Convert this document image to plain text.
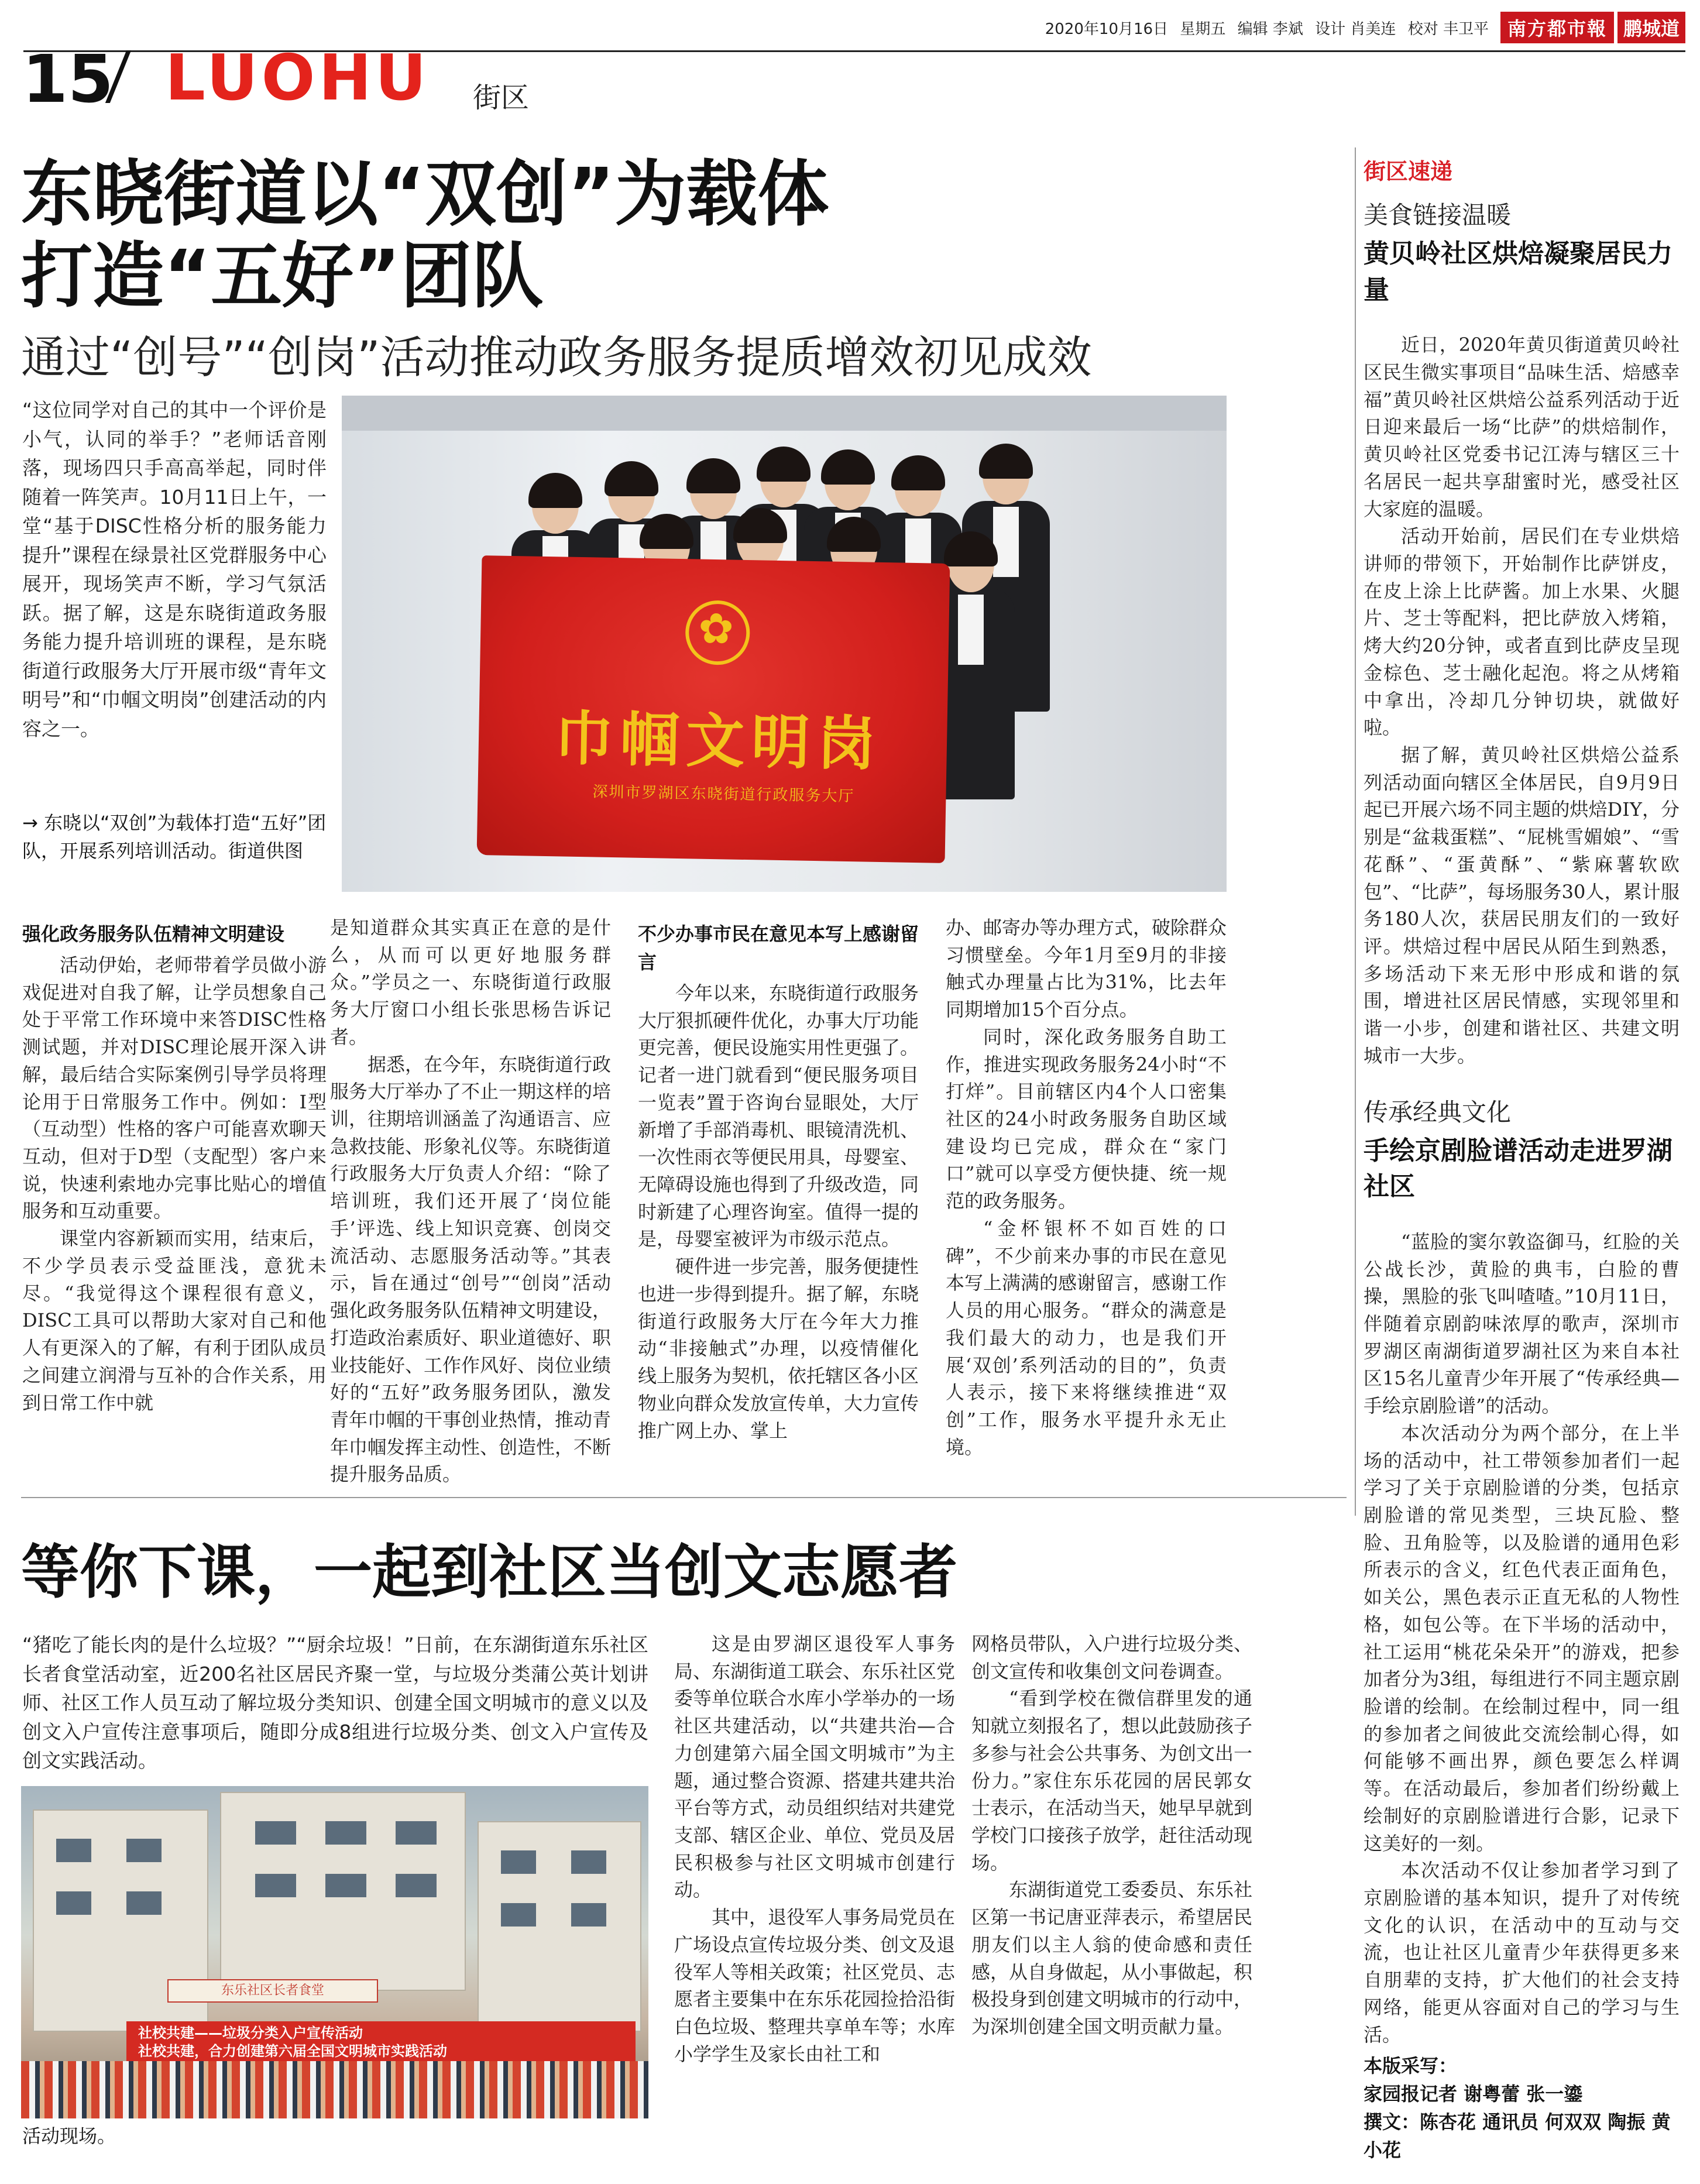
2020年10月16日 星期五 编辑 李斌 设计 肖美连 校对 丰卫平	南方都市報 鹏城道
15 LUOHU 街区
东晓街道以“双创”为载体
打造“五好”团队
通过“创号”“创岗”活动推动政务服务提质增效初见成效

“这位同学对自己的其中一个评价是小气，认同的举手？”老师话音刚落，现场四只手高高举起，同时伴随着一阵笑声。10月11日上午，一堂“基于DISC性格分析的服务能力提升”课程在绿景社区党群服务中心展开，现场笑声不断，学习气氛活跃。据了解，这是东晓街道政务服务能力提升培训班的课程，是东晓街道行政服务大厅开展市级“青年文明号”和“巾帼文明岗”创建活动的内容之一。

→ 东晓以“双创”为载体打造“五好”团队，开展系列培训活动。街道供图
✿
巾帼文明岗
深圳市罗湖区东晓街道行政服务大厅
强化政务服务队伍精神文明建设

活动伊始，老师带着学员做小游戏促进对自我了解，让学员想象自己处于平常工作环境中来答DISC性格测试题，并对DISC理论展开深入讲解，最后结合实际案例引导学员将理论用于日常服务工作中。例如：I型（互动型）性格的客户可能喜欢聊天互动，但对于D型（支配型）客户来说，快速利索地办完事比贴心的增值服务和互动重要。

课堂内容新颖而实用，结束后，不少学员表示受益匪浅，意犹未尽。“我觉得这个课程很有意义，DISC工具可以帮助大家对自己和他人有更深入的了解，有利于团队成员之间建立润滑与互补的合作关系，用到日常工作中就

是知道群众其实真正在意的是什么，从而可以更好地服务群众。”学员之一、东晓街道行政服务大厅窗口小组长张思杨告诉记者。

据悉，在今年，东晓街道行政服务大厅举办了不止一期这样的培训，往期培训涵盖了沟通语言、应急救技能、形象礼仪等。东晓街道行政服务大厅负责人介绍：“除了培训班，我们还开展了‘岗位能手’评选、线上知识竞赛、创岗交流活动、志愿服务活动等。”其表示，旨在通过“创号”“创岗”活动强化政务服务队伍精神文明建设，打造政治素质好、职业道德好、职业技能好、工作作风好、岗位业绩好的“五好”政务服务团队，激发青年巾帼的干事创业热情，推动青年巾帼发挥主动性、创造性，不断提升服务品质。

不少办事市民在意见本写上感谢留言

今年以来，东晓街道行政服务大厅狠抓硬件优化，办事大厅功能更完善，便民设施实用性更强了。记者一进门就看到“便民服务项目一览表”置于咨询台显眼处，大厅新增了手部消毒机、眼镜清洗机、一次性雨衣等便民用具，母婴室、无障碍设施也得到了升级改造，同时新建了心理咨询室。值得一提的是，母婴室被评为市级示范点。

硬件进一步完善，服务便捷性也进一步得到提升。据了解，东晓街道行政服务大厅在今年大力推动“非接触式”办理，以疫情催化线上服务为契机，依托辖区各小区物业向群众发放宣传单，大力宣传推广网上办、掌上

办、邮寄办等办理方式，破除群众习惯壁垒。今年1月至9月的非接触式办理量占比为31%，比去年同期增加15个百分点。

同时，深化政务服务自助工作，推进实现政务服务24小时“不打烊”。目前辖区内4个人口密集社区的24小时政务服务自助区域建设均已完成，群众在“家门口”就可以享受方便快捷、统一规范的政务服务。

“金杯银杯不如百姓的口碑”，不少前来办事的市民在意见本写上满满的感谢留言，感谢工作人员的用心服务。“群众的满意是我们最大的动力，也是我们开展‘双创’系列活动的目的”，负责人表示，接下来将继续推进“双创”工作，服务水平提升永无止境。

街区速递
美食链接温暖
黄贝岭社区烘焙凝聚居民力量

近日，2020年黄贝街道黄贝岭社区民生微实事项目“品味生活、焙感幸福”黄贝岭社区烘焙公益系列活动于近日迎来最后一场“比萨”的烘焙制作，黄贝岭社区党委书记江涛与辖区三十名居民一起共享甜蜜时光，感受社区大家庭的温暖。

活动开始前，居民们在专业烘焙讲师的带领下，开始制作比萨饼皮，在皮上涂上比萨酱。加上水果、火腿片、芝士等配料，把比萨放入烤箱，烤大约20分钟，或者直到比萨皮呈现金棕色、芝士融化起泡。将之从烤箱中拿出，冷却几分钟切块，就做好啦。

据了解，黄贝岭社区烘焙公益系列活动面向辖区全体居民，自9月9日起已开展六场不同主题的烘焙DIY，分别是“盆栽蛋糕”、“屁桃雪媚娘”、“雪花酥”、“蛋黄酥”、“紫麻薯软欧包”、“比萨”，每场服务30人，累计服务180人次，获居民朋友们的一致好评。烘焙过程中居民从陌生到熟悉，多场活动下来无形中形成和谐的氛围，增进社区居民情感，实现邻里和谐一小步，创建和谐社区、共建文明城市一大步。

传承经典文化
手绘京剧脸谱活动走进罗湖社区

“蓝脸的窦尔敦盗御马，红脸的关公战长沙，黄脸的典韦，白脸的曹操，黑脸的张飞叫喳喳。”10月11日，伴随着京剧韵味浓厚的歌声，深圳市罗湖区南湖街道罗湖社区为来自本社区15名儿童青少年开展了“传承经典—手绘京剧脸谱”的活动。

本次活动分为两个部分，在上半场的活动中，社工带领参加者们一起学习了关于京剧脸谱的分类，包括京剧脸谱的常见类型，三块瓦脸、整脸、丑角脸等，以及脸谱的通用色彩所表示的含义，红色代表正面角色，如关公，黑色表示正直无私的人物性格，如包公等。在下半场的活动中，社工运用“桃花朵朵开”的游戏，把参加者分为3组，每组进行不同主题京剧脸谱的绘制。在绘制过程中，同一组的参加者之间彼此交流绘制心得，如何能够不画出界，颜色要怎么样调等。在活动最后，参加者们纷纷戴上绘制好的京剧脸谱进行合影，记录下这美好的一刻。

本次活动不仅让参加者学习到了京剧脸谱的基本知识，提升了对传统文化的认识，在活动中的互动与交流，也让社区儿童青少年获得更多来自朋辈的支持，扩大他们的社会支持网络，能更从容面对自己的学习与生活。

本版采写：
家园报记者 谢粤蕾 张一鎏
撰文：陈杏花 通讯员 何双双 陶振 黄小花
等你下课，一起到社区当创文志愿者

“猪吃了能长肉的是什么垃圾？”“厨余垃圾！”日前，在东湖街道东乐社区长者食堂活动室，近200名社区居民齐聚一堂，与垃圾分类蒲公英计划讲师、社区工作人员互动了解垃圾分类知识、创建全国文明城市的意义以及创文入户宣传注意事项后，随即分成8组进行垃圾分类、创文入户宣传及创文实践活动。

东乐社区长者食堂
社校共建——垃圾分类入户宣传活动
社校共建，合力创建第六届全国文明城市实践活动
活动现场。

这是由罗湖区退役军人事务局、东湖街道工联会、东乐社区党委等单位联合水库小学举办的一场社区共建活动，以“共建共治—合力创建第六届全国文明城市”为主题，通过整合资源、搭建共建共治平台等方式，动员组织结对共建党支部、辖区企业、单位、党员及居民积极参与社区文明城市创建行动。

其中，退役军人事务局党员在广场设点宣传垃圾分类、创文及退役军人等相关政策；社区党员、志愿者主要集中在东乐花园捡拾沿街白色垃圾、整理共享单车等；水库小学学生及家长由社工和

网格员带队，入户进行垃圾分类、创文宣传和收集创文问卷调查。

“看到学校在微信群里发的通知就立刻报名了，想以此鼓励孩子多参与社会公共事务、为创文出一份力。”家住东乐花园的居民郭女士表示，在活动当天，她早早就到学校门口接孩子放学，赶往活动现场。

东湖街道党工委委员、东乐社区第一书记唐亚萍表示，希望居民朋友们以主人翁的使命感和责任感，从自身做起，从小事做起，积极投身到创建文明城市的行动中，为深圳创建全国文明贡献力量。
